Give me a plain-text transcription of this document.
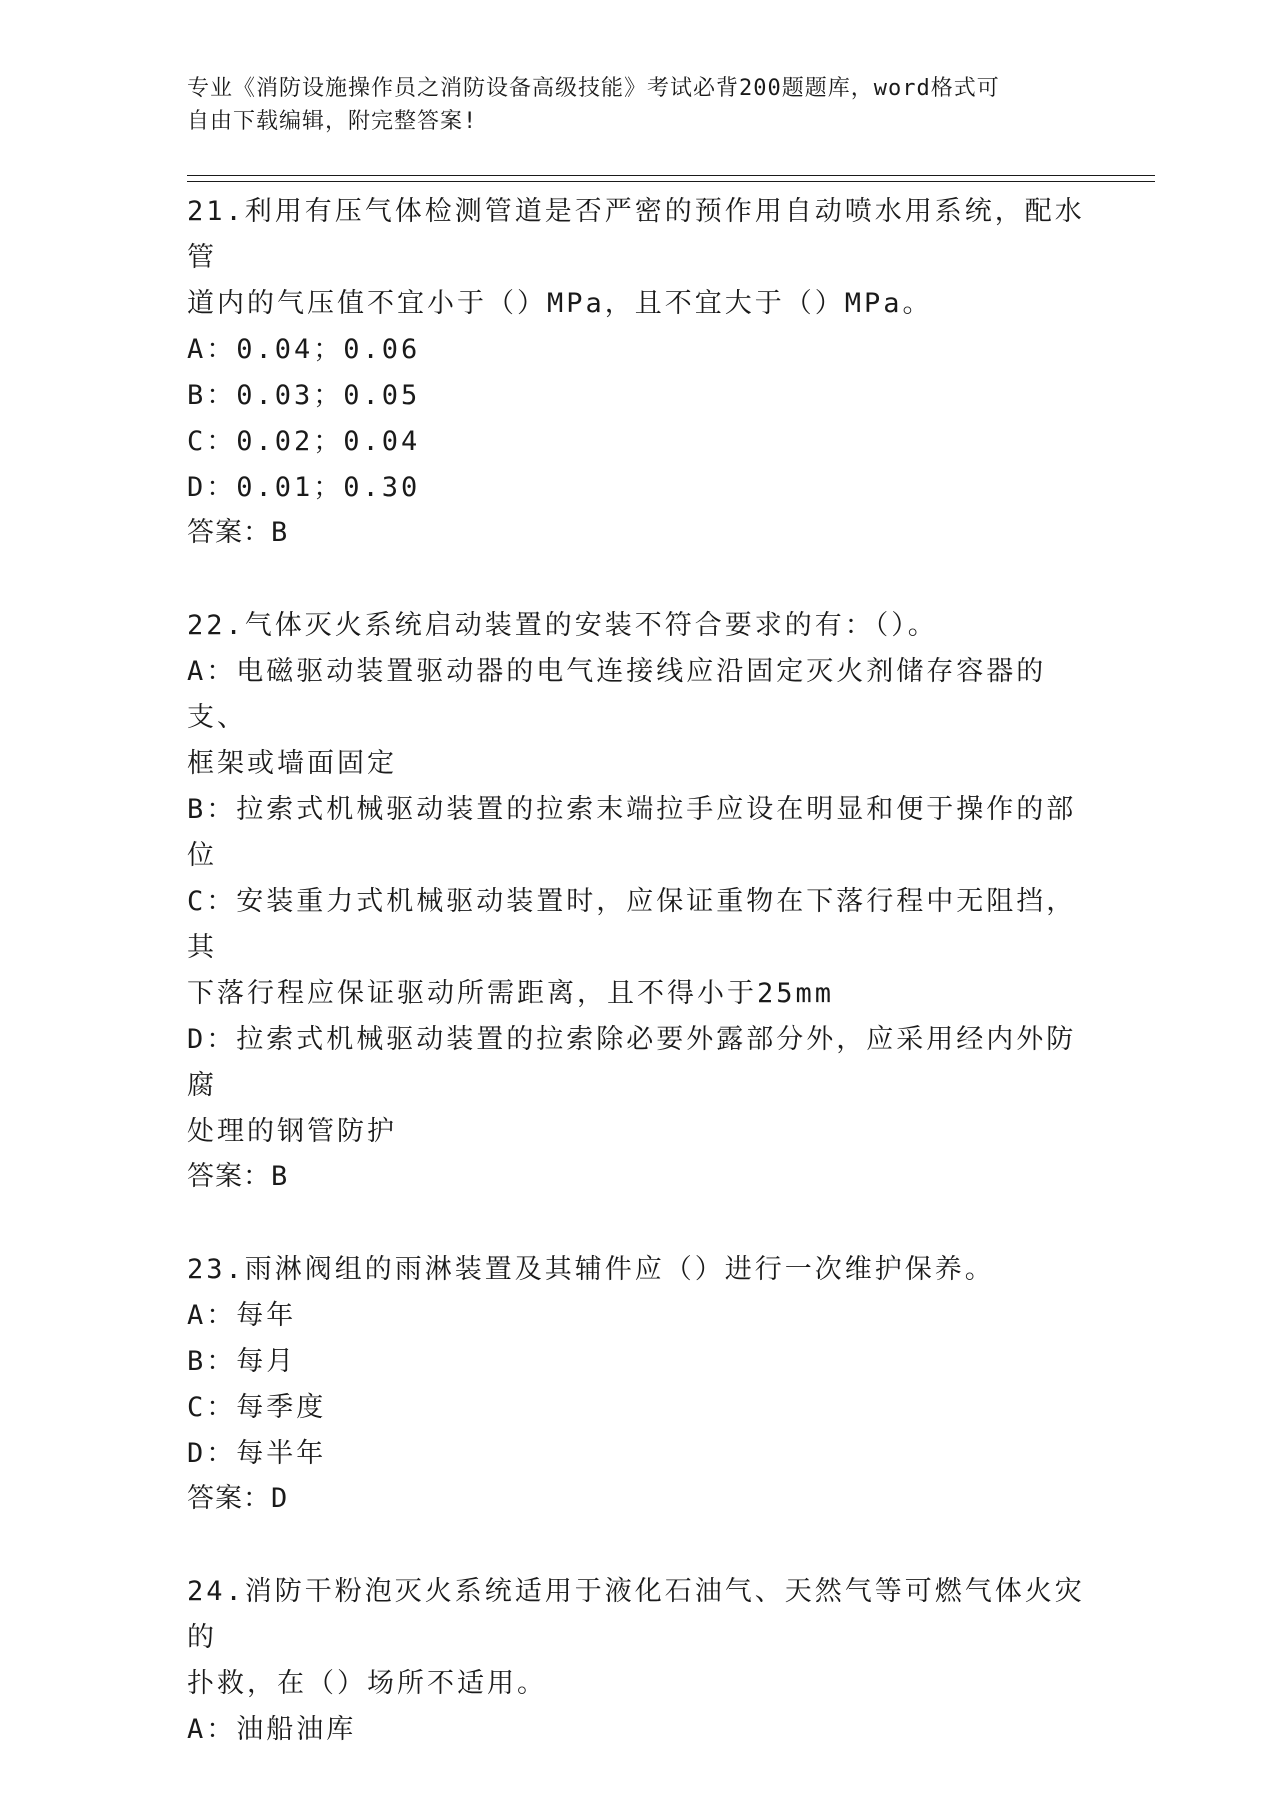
专业《消防设施操作员之消防设备高级技能》考试必背200题题库，word格式可
自由下载编辑，附完整答案!
21.利用有压气体检测管道是否严密的预作用自动喷水用系统，配水管
道内的气压值不宜小于（）MPa，且不宜大于（）MPa。
A：0.04；0.06
B：0.03；0.05
C：0.02；0.04
D：0.01；0.30
答案：B
22.气体灭火系统启动装置的安装不符合要求的有：（）。
A：电磁驱动装置驱动器的电气连接线应沿固定灭火剂储存容器的支、
框架或墙面固定
B：拉索式机械驱动装置的拉索末端拉手应设在明显和便于操作的部位
C：安装重力式机械驱动装置时，应保证重物在下落行程中无阻挡，其
下落行程应保证驱动所需距离，且不得小于25mm
D：拉索式机械驱动装置的拉索除必要外露部分外，应采用经内外防腐
处理的钢管防护
答案：B
23.雨淋阀组的雨淋装置及其辅件应（）进行一次维护保养。
A：每年
B：每月
C：每季度
D：每半年
答案：D
24.消防干粉泡灭火系统适用于液化石油气、天然气等可燃气体火灾的
扑救，在（）场所不适用。
A：油船油库
